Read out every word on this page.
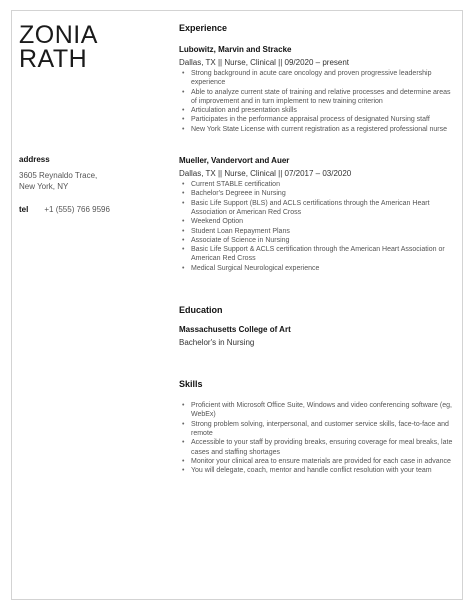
ZONIA
RATH
address
3605 Reynaldo Trace,
New York, NY
tel +1 (555) 766 9596
Experience
Lubowitz, Marvin and Stracke
Dallas, TX || Nurse, Clinical || 09/2020 – present
• Strong background in acute care oncology and proven progressive leadership experience
• Able to analyze current state of training and relative processes and determine areas of improvement and in turn implement to new training criterion
• Articulation and presentation skills
• Participates in the performance appraisal process of designated Nursing staff
• New York State License with current registration as a registered professional nurse
Mueller, Vandervort and Auer
Dallas, TX || Nurse, Clinical || 07/2017 – 03/2020
• Current STABLE certification
• Bachelor's Degreee in Nursing
• Basic Life Support (BLS) and ACLS certifications through the American Heart Association or American Red Cross
• Weekend Option
• Student Loan Repayment Plans
• Associate of Science in Nursing
• Basic Life Support & ACLS certification through the American Heart Association or American Red Cross
• Medical Surgical Neurological experience
Education
Massachusetts College of Art
Bachelor's in Nursing
Skills
• Proficient with Microsoft Office Suite, Windows and video conferencing software (eg, WebEx)
• Strong problem solving, interpersonal, and customer service skills, face-to-face and remote
• Accessible to your staff by providing breaks, ensuring coverage for meal breaks, late cases and staffing shortages
• Monitor your clinical area to ensure materials are provided for each case in advance
• You will delegate, coach, mentor and handle conflict resolution with your team
